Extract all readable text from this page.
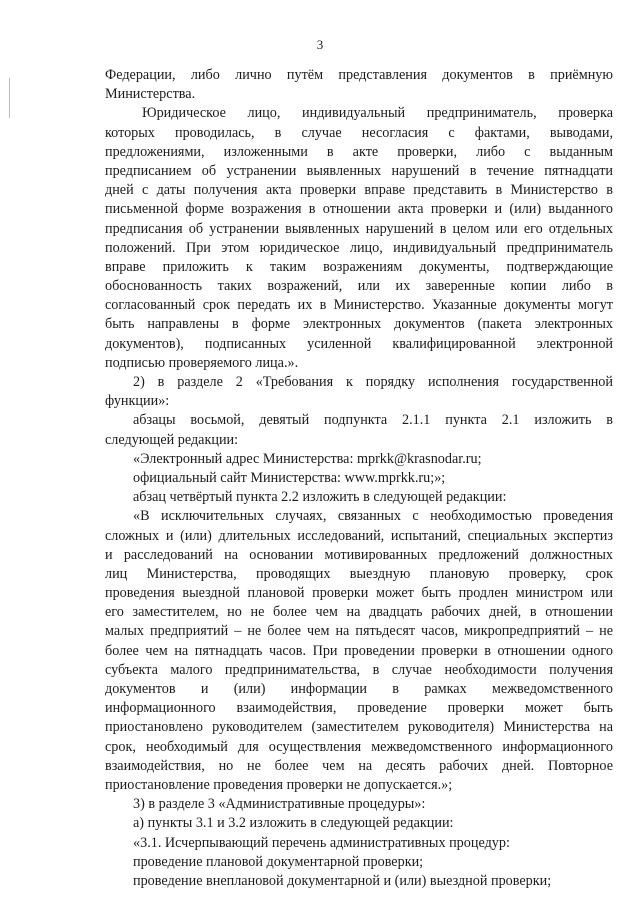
3
Федерации, либо лично путём представления документов в приёмную
Министерства.
Юридическое лицо, индивидуальный предприниматель, проверка
которых проводилась, в случае несогласия с фактами, выводами,
предложениями, изложенными в акте проверки, либо с выданным
предписанием об устранении выявленных нарушений в течение пятнадцати
дней с даты получения акта проверки вправе представить в Министерство в
письменной форме возражения в отношении акта проверки и (или) выданного
предписания об устранении выявленных нарушений в целом или его отдельных
положений. При этом юридическое лицо, индивидуальный предприниматель
вправе приложить к таким возражениям документы, подтверждающие
обоснованность таких возражений, или их заверенные копии либо в
согласованный срок передать их в Министерство. Указанные документы могут
быть направлены в форме электронных документов (пакета электронных
документов), подписанных усиленной квалифицированной электронной
подписью проверяемого лица.».
2) в разделе 2 «Требования к порядку исполнения государственной
функции»:
абзацы восьмой, девятый подпункта 2.1.1 пункта 2.1 изложить в
следующей редакции:
«Электронный адрес Министерства: mprkk@krasnodar.ru;
официальный сайт Министерства: www.mprkk.ru;»;
абзац четвёртый пункта 2.2 изложить в следующей редакции:
«В исключительных случаях, связанных с необходимостью проведения
сложных и (или) длительных исследований, испытаний, специальных экспертиз
и расследований на основании мотивированных предложений должностных
лиц Министерства, проводящих выездную плановую проверку, срок
проведения выездной плановой проверки может быть продлен министром или
его заместителем, но не более чем на двадцать рабочих дней, в отношении
малых предприятий – не более чем на пятьдесят часов, микропредприятий – не
более чем на пятнадцать часов. При проведении проверки в отношении одного
субъекта малого предпринимательства, в случае необходимости получения
документов и (или) информации в рамках межведомственного
информационного взаимодействия, проведение проверки может быть
приостановлено руководителем (заместителем руководителя) Министерства на
срок, необходимый для осуществления межведомственного информационного
взаимодействия, но не более чем на десять рабочих дней. Повторное
приостановление проведения проверки не допускается.»;
3) в разделе 3 «Административные процедуры»:
а) пункты 3.1 и 3.2 изложить в следующей редакции:
«3.1. Исчерпывающий перечень административных процедур:
проведение плановой документарной проверки;
проведение внеплановой документарной и (или) выездной проверки;
